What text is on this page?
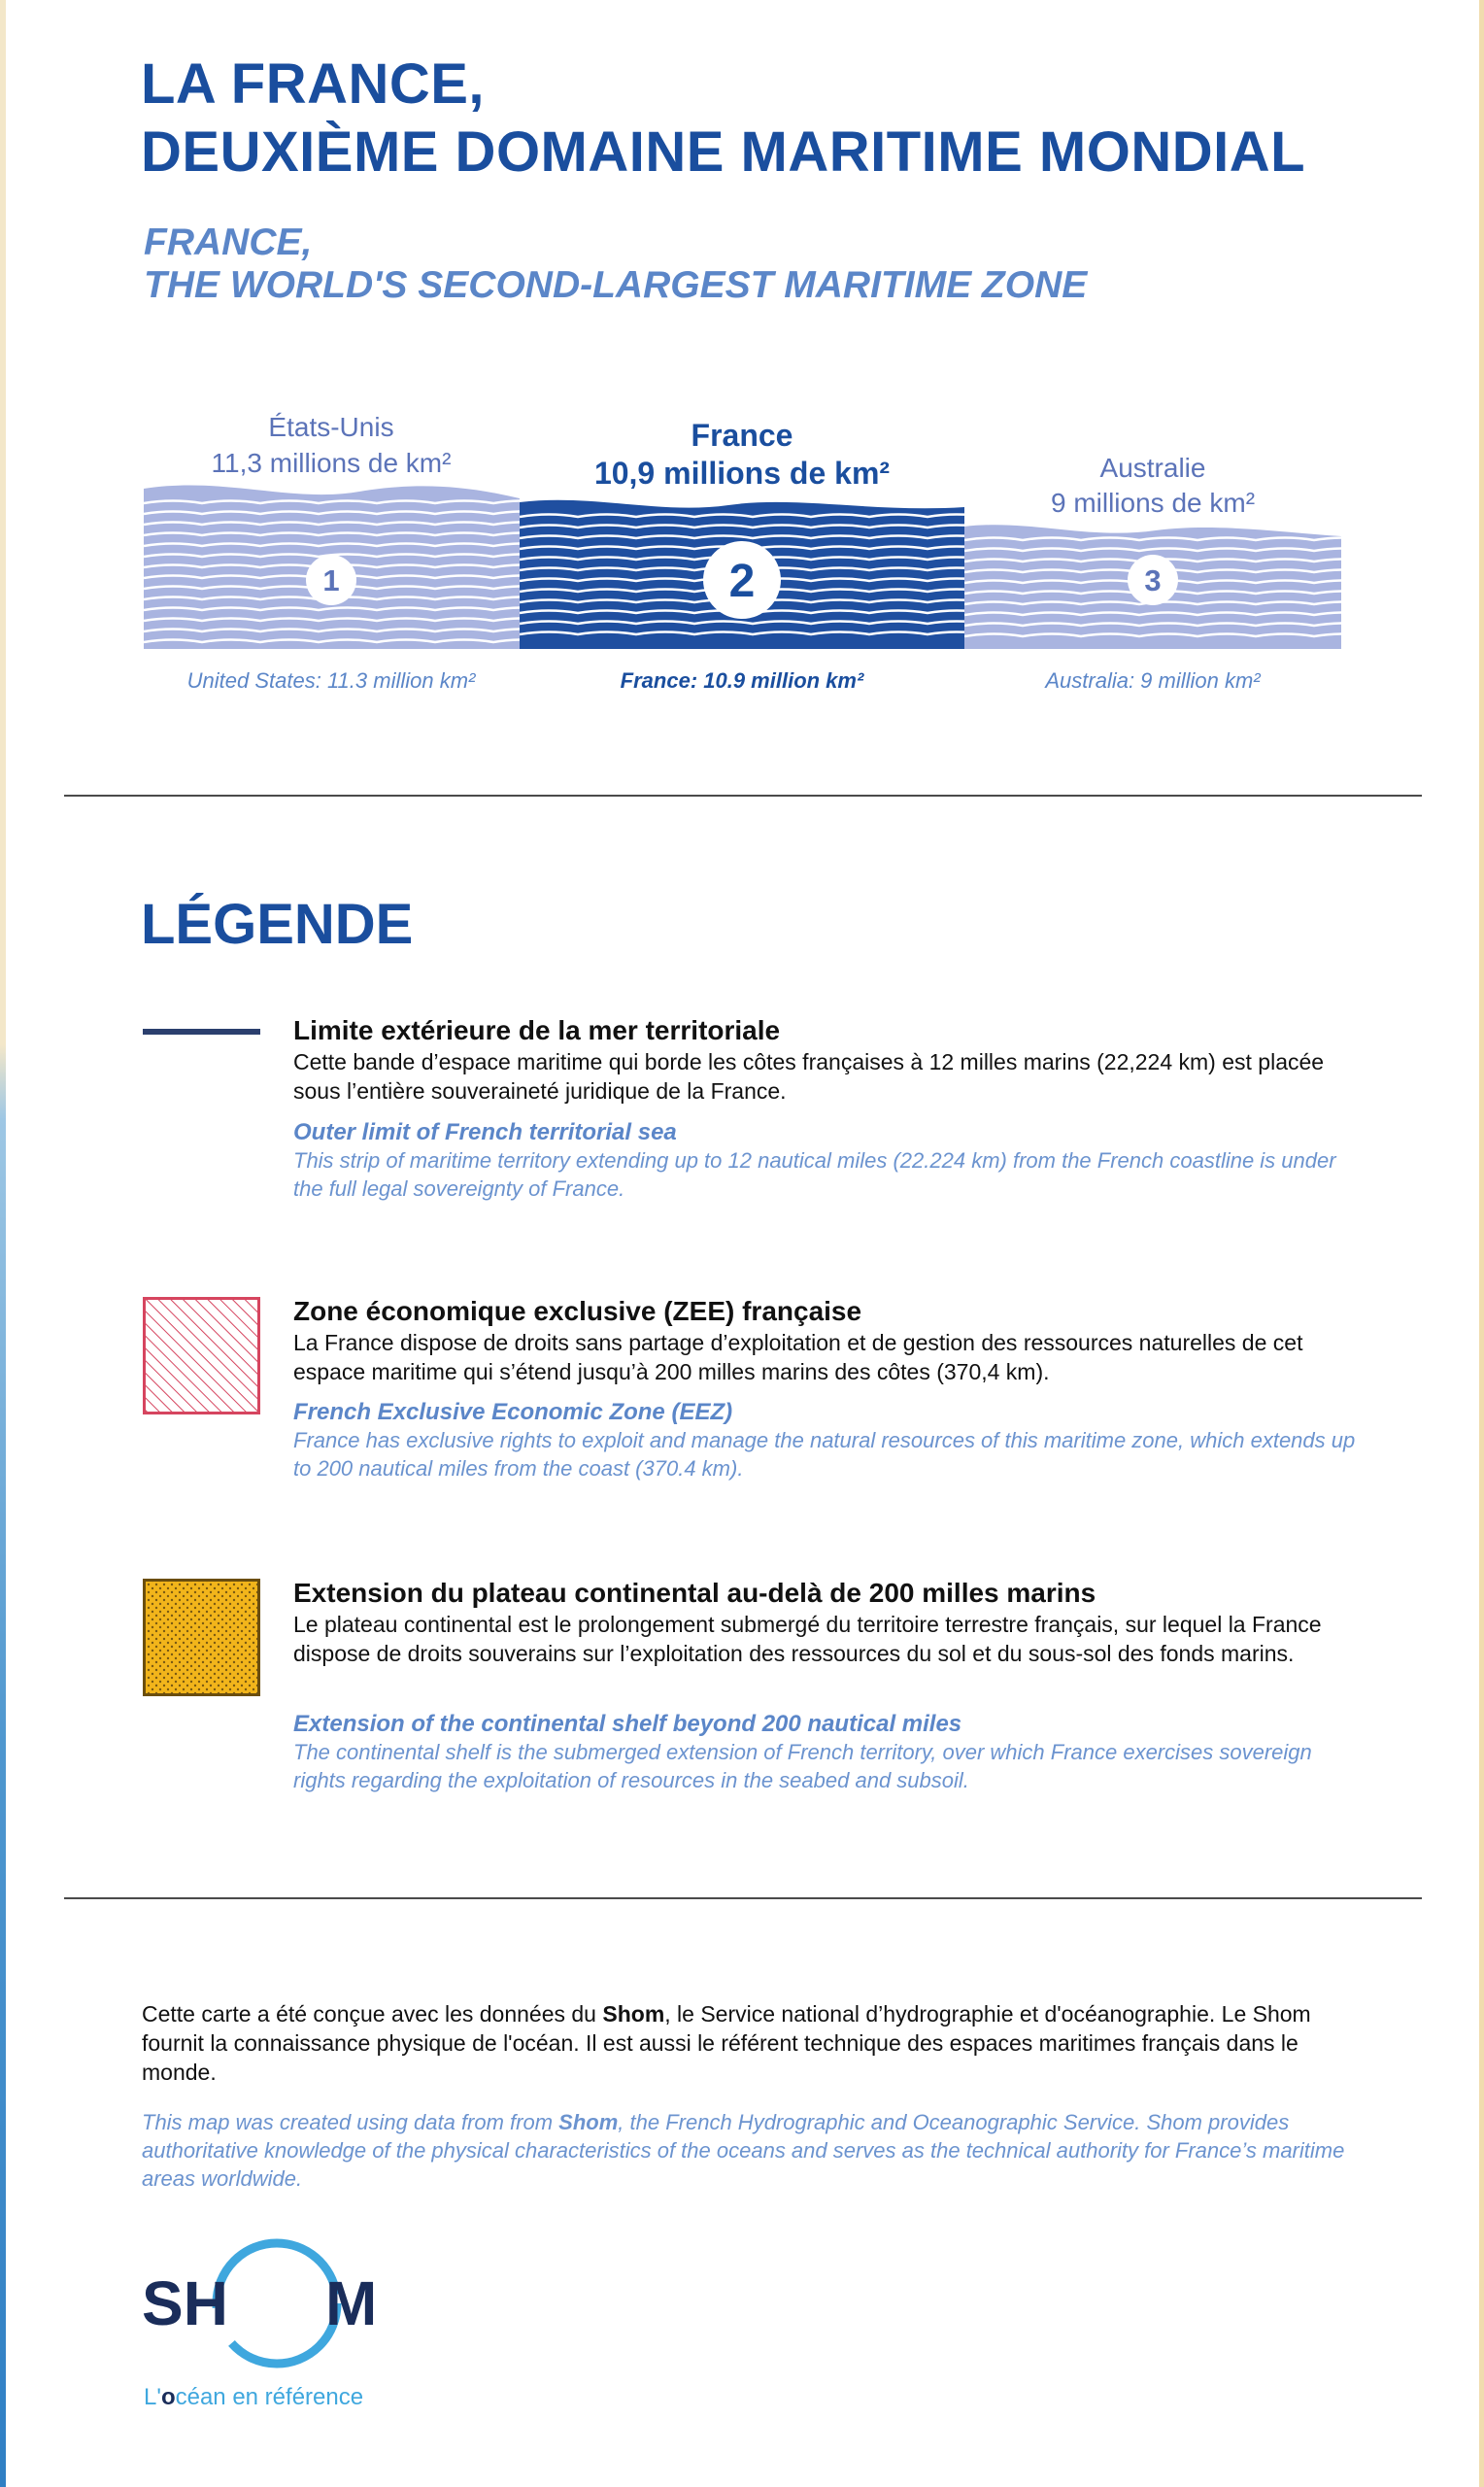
LA FRANCE,
DEUXIÈME DOMAINE MARITIME MONDIAL
FRANCE,
THE WORLD'S SECOND-LARGEST MARITIME ZONE
États-Unis
11,3 millions de km²
France
10,9 millions de km²	Australie
9 millions de km²
1	2	3
United States: 11.3 million km²	France: 10.9 million km²	Australia: 9 million km²
LÉGENDE

Limite extérieure de la mer territoriale

Cette bande d’espace maritime qui borde les côtes françaises à 12 milles marins (22,224 km) est placée sous l’entière souveraineté juridique de la France.

Outer limit of French territorial sea

This strip of maritime territory extending up to 12 nautical miles (22.224 km) from the French coastline is under the full legal sovereignty of France.

Zone économique exclusive (ZEE) française

La France dispose de droits sans partage d’exploitation et de gestion des ressources naturelles de cet espace maritime qui s’étend jusqu’à 200 milles marins des côtes (370,4 km).

French Exclusive Economic Zone (EEZ)

France has exclusive rights to exploit and manage the natural resources of this maritime zone, which extends up to 200 nautical miles from the coast (370.4 km).

Extension du plateau continental au-delà de 200 milles marins

Le plateau continental est le prolongement submergé du territoire terrestre français, sur lequel la France dispose de droits souverains sur l’exploitation des ressources du sol et du sous-sol des fonds marins.

Extension of the continental shelf beyond 200 nautical miles

The continental shelf is the submerged extension of French territory, over which France exercises sovereign rights regarding the exploitation of resources in the seabed and subsoil.

Cette carte a été conçue avec les données du Shom, le Service national d’hydrographie et d'océanographie. Le Shom fournit la connaissance physique de l'océan. Il est aussi le référent technique des espaces maritimes français dans le monde.

This map was created using data from from Shom, the French Hydrographic and Oceanographic Service. Shom provides authoritative knowledge of the physical characteristics of the oceans and serves as the technical authority for France’s maritime areas worldwide.

SH M

L'océan en référence
